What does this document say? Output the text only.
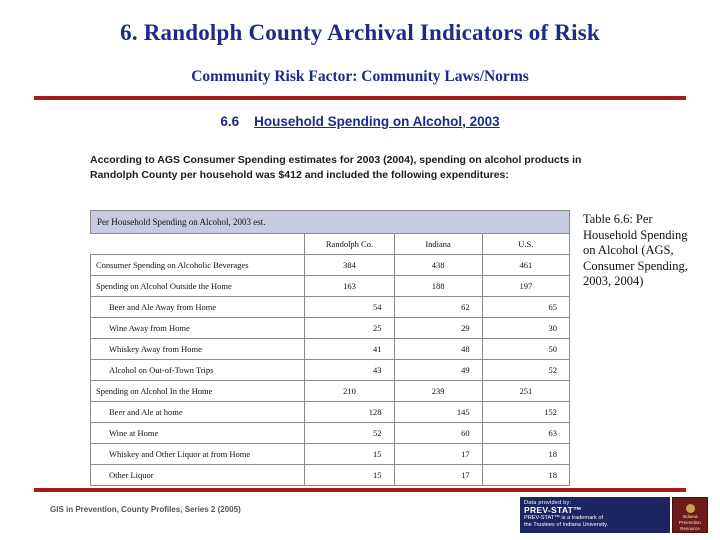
6. Randolph County Archival Indicators of Risk
Community Risk Factor: Community Laws/Norms
6.6 Household Spending on Alcohol, 2003
According to AGS Consumer Spending estimates for 2003 (2004), spending on alcohol products in Randolph County per household was $412 and included the following expenditures:
Per Household Spending on Alcohol, 2003 est.			
	Randolph Co.	Indiana	U.S.
Consumer Spending on Alcoholic Beverages	384	438	461
Spending on Alcohol Outside the Home	163	188	197
Beer and Ale Away from Home	54	62	65
Wine Away from Home	25	29	30
Whiskey Away from Home	41	48	50
Alcohol on Out-of-Town Trips	43	49	52
Spending on Alcohol In the Home	210	239	251
Beer and Ale at home	128	145	152
Wine at Home	52	60	63
Whiskey and Other Liquor at from Home	15	17	18
Other Liquor	15	17	18
Table 6.6: Per Household Spending on Alcohol (AGS, Consumer Spending, 2003, 2004)
GIS in Prevention, County Profiles, Series 2 (2005)
Data provided by:
PREV-STAT™
PREV-STAT™ is a trademark of
the Trustees of Indiana University.
Indiana
Prevention
Resource
Center
